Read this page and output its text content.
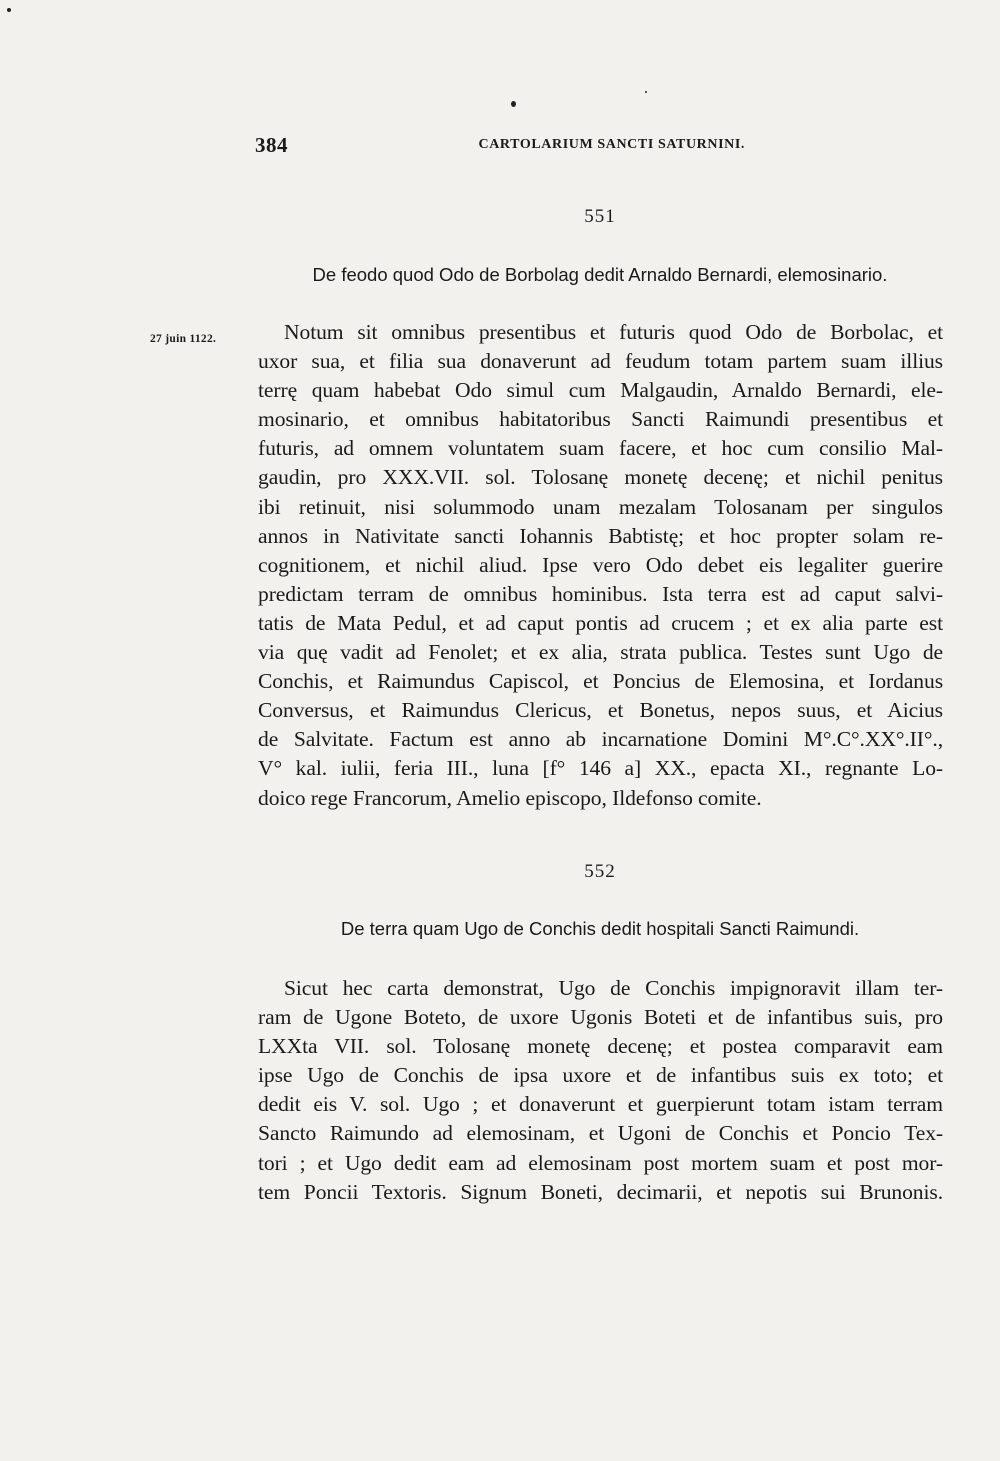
384	CARTOLARIUM SANCTI SATURNINI.
551
De feodo quod Odo de Borbolag dedit Arnaldo Bernardi, elemosinario.
27 juin 1122.	Notum sit omnibus presentibus et futuris quod Odo de Borbolac, et
uxor sua, et filia sua donaverunt ad feudum totam partem suam illius
terrę quam habebat Odo simul cum Malgaudin, Arnaldo Bernardi, ele-
mosinario, et omnibus habitatoribus Sancti Raimundi presentibus et
futuris, ad omnem voluntatem suam facere, et hoc cum consilio Mal-
gaudin, pro XXX.VII. sol. Tolosanę monetę decenę; et nichil penitus
ibi retinuit, nisi solummodo unam mezalam Tolosanam per singulos
annos in Nativitate sancti Iohannis Babtistę; et hoc propter solam re-
cognitionem, et nichil aliud. Ipse vero Odo debet eis legaliter guerire
predictam terram de omnibus hominibus. Ista terra est ad caput salvi-
tatis de Mata Pedul, et ad caput pontis ad crucem ; et ex alia parte est
via quę vadit ad Fenolet; et ex alia, strata publica. Testes sunt Ugo de
Conchis, et Raimundus Capiscol, et Poncius de Elemosina, et Iordanus
Conversus, et Raimundus Clericus, et Bonetus, nepos suus, et Aicius
de Salvitate. Factum est anno ab incarnatione Domini M°.C°.XX°.II°.,
V° kal. iulii, feria III., luna [f° 146 a] XX., epacta XI., regnante Lo-
doico rege Francorum, Amelio episcopo, Ildefonso comite.
552
De terra quam Ugo de Conchis dedit hospitali Sancti Raimundi.
Sicut hec carta demonstrat, Ugo de Conchis impignoravit illam ter-
ram de Ugone Boteto, de uxore Ugonis Boteti et de infantibus suis, pro
LXXta VII. sol. Tolosanę monetę decenę; et postea comparavit eam
ipse Ugo de Conchis de ipsa uxore et de infantibus suis ex toto; et
dedit eis V. sol. Ugo ; et donaverunt et guerpierunt totam istam terram
Sancto Raimundo ad elemosinam, et Ugoni de Conchis et Poncio Tex-
tori ; et Ugo dedit eam ad elemosinam post mortem suam et post mor-
tem Poncii Textoris. Signum Boneti, decimarii, et nepotis sui Brunonis.
